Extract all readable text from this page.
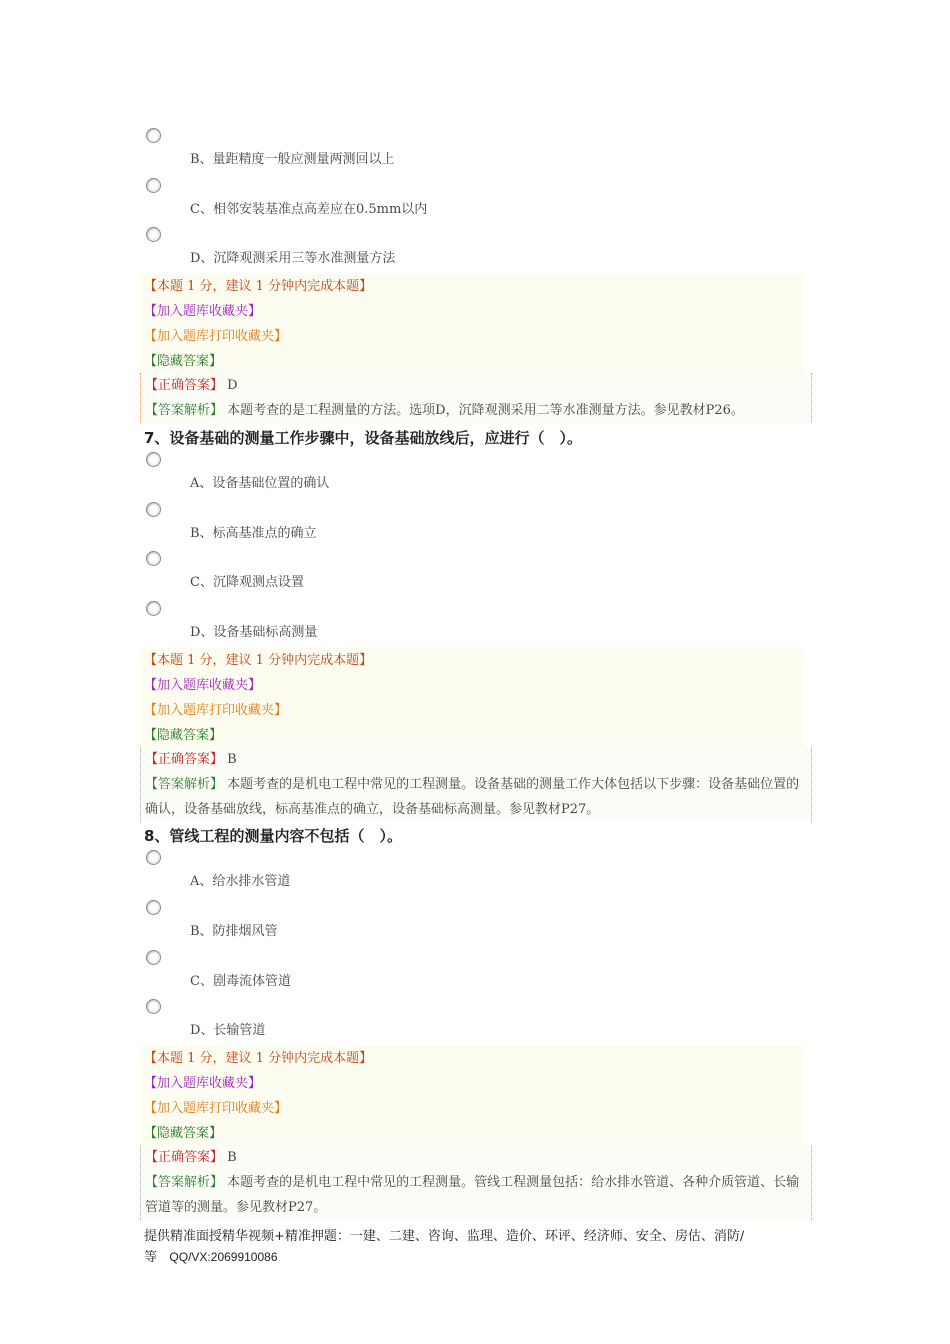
B、量距精度一般应测量两测回以上
C、相邻安装基准点高差应在0.5mm以内
D、沉降观测采用三等水准测量方法
【本题 1 分，建议 1 分钟内完成本题】
【加入题库收藏夹】
【加入题库打印收藏夹】
【隐藏答案】
【正确答案】 D
【答案解析】 本题考查的是工程测量的方法。选项D，沉降观测采用二等水准测量方法。参见教材P26。
7、设备基础的测量工作步骤中，设备基础放线后，应进行（　）。
A、设备基础位置的确认
B、标高基准点的确立
C、沉降观测点设置
D、设备基础标高测量
【本题 1 分，建议 1 分钟内完成本题】
【加入题库收藏夹】
【加入题库打印收藏夹】
【隐藏答案】
【正确答案】 B
【答案解析】 本题考查的是机电工程中常见的工程测量。设备基础的测量工作大体包括以下步骤：设备基础位置的确认，设备基础放线，标高基准点的确立，设备基础标高测量。参见教材P27。
8、管线工程的测量内容不包括（　）。
A、给水排水管道
B、防排烟风管
C、剧毒流体管道
D、长输管道
【本题 1 分，建议 1 分钟内完成本题】
【加入题库收藏夹】
【加入题库打印收藏夹】
【隐藏答案】
【正确答案】 B
【答案解析】 本题考查的是机电工程中常见的工程测量。管线工程测量包括：给水排水管道、各种介质管道、长输管道等的测量。参见教材P27。
提供精准面授精华视频+精准押题：一建、二建、咨询、监理、造价、环评、经济师、安全、房估、消防/等 QQ/VX:2069910086
